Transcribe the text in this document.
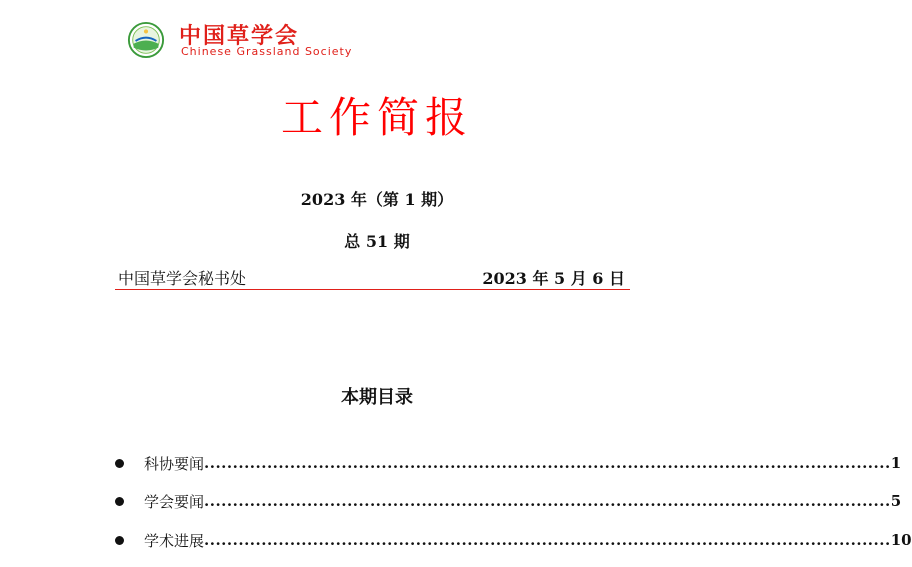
中国草学会
Chinese Grassland Society
工作简报
2023 年（第 1 期）
总 51 期
中国草学会秘书处	2023 年 5 月 6 日
本期目录
科协要闻 ........................................................................................................................ 1
学会要闻 ........................................................................................................................ 5
学术进展 ........................................................................................................................ 10
